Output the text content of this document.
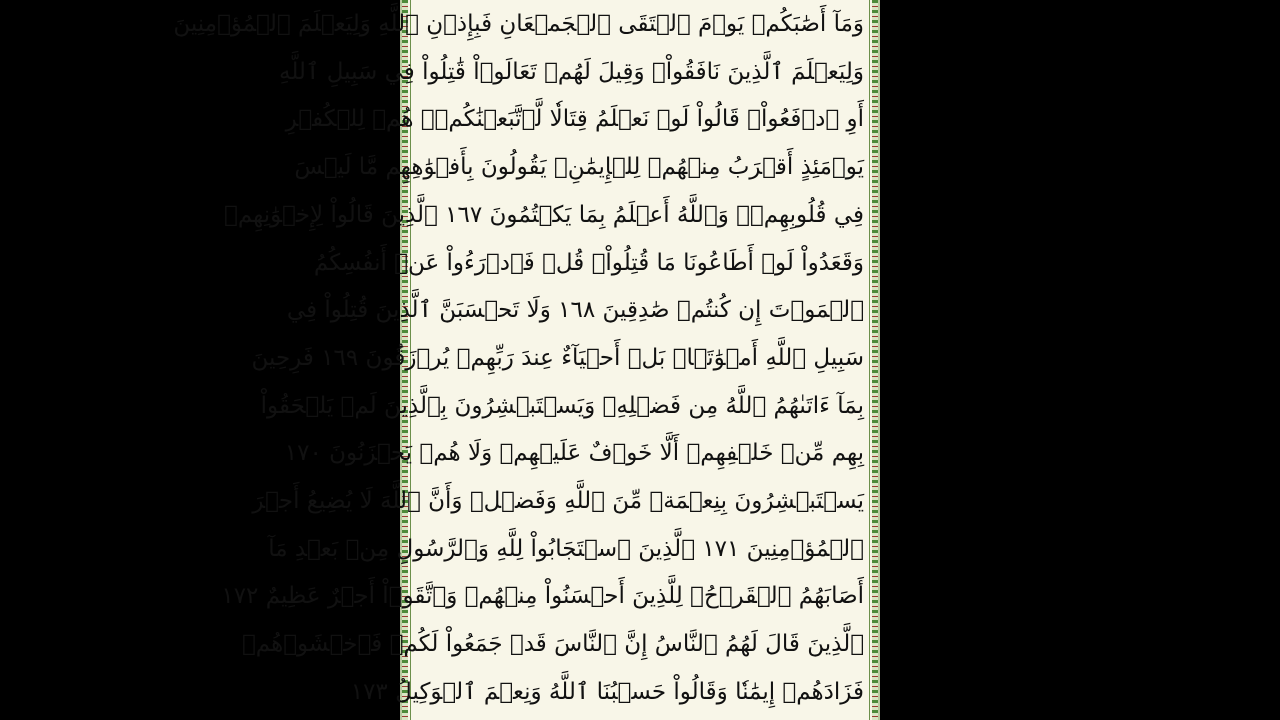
وَمَآ أَصَٰبَكُمۡ يَوۡمَ ٱلۡتَقَى ٱلۡجَمۡعَانِ فَبِإِذۡنِ ٱللَّهِ وَلِيَعۡلَمَ ٱلۡمُؤۡمِنِينَ
وَلِيَعۡلَمَ ٱلَّذِينَ نَافَقُواْۚ وَقِيلَ لَهُمۡ تَعَالَوۡاْ قَٰتِلُواْ فِي سَبِيلِ ٱللَّهِ
أَوِ ٱدۡفَعُواْۖ قَالُواْ لَوۡ نَعۡلَمُ قِتَالٗا لَّٱتَّبَعۡنَٰكُمۡۗ هُمۡ لِلۡكُفۡرِ
يَوۡمَئِذٍ أَقۡرَبُ مِنۡهُمۡ لِلۡإِيمَٰنِۚ يَقُولُونَ بِأَفۡوَٰهِهِم مَّا لَيۡسَ
فِي قُلُوبِهِمۡۚ وَٱللَّهُ أَعۡلَمُ بِمَا يَكۡتُمُونَ ١٦٧ ٱلَّذِينَ قَالُواْ لِإِخۡوَٰنِهِمۡ
وَقَعَدُواْ لَوۡ أَطَاعُونَا مَا قُتِلُواْۗ قُلۡ فَٱدۡرَءُواْ عَنۡ أَنفُسِكُمُ
ٱلۡمَوۡتَ إِن كُنتُمۡ صَٰدِقِينَ ١٦٨ وَلَا تَحۡسَبَنَّ ٱلَّذِينَ قُتِلُواْ فِي
سَبِيلِ ٱللَّهِ أَمۡوَٰتَۢاۚ بَلۡ أَحۡيَآءٌ عِندَ رَبِّهِمۡ يُرۡزَقُونَ ١٦٩ فَرِحِينَ
بِمَآ ءَاتَىٰهُمُ ٱللَّهُ مِن فَضۡلِهِۦ وَيَسۡتَبۡشِرُونَ بِٱلَّذِينَ لَمۡ يَلۡحَقُواْ
بِهِم مِّنۡ خَلۡفِهِمۡ أَلَّا خَوۡفٌ عَلَيۡهِمۡ وَلَا هُمۡ يَحۡزَنُونَ ١٧٠
يَسۡتَبۡشِرُونَ بِنِعۡمَةٖ مِّنَ ٱللَّهِ وَفَضۡلٖ وَأَنَّ ٱللَّهَ لَا يُضِيعُ أَجۡرَ
ٱلۡمُؤۡمِنِينَ ١٧١ ٱلَّذِينَ ٱسۡتَجَابُواْ لِلَّهِ وَٱلرَّسُولِ مِنۢ بَعۡدِ مَآ
أَصَابَهُمُ ٱلۡقَرۡحُۚ لِلَّذِينَ أَحۡسَنُواْ مِنۡهُمۡ وَٱتَّقَوۡاْ أَجۡرٌ عَظِيمٌ ١٧٢
ٱلَّذِينَ قَالَ لَهُمُ ٱلنَّاسُ إِنَّ ٱلنَّاسَ قَدۡ جَمَعُواْ لَكُمۡ فَٱخۡشَوۡهُمۡ
فَزَادَهُمۡ إِيمَٰنٗا وَقَالُواْ حَسۡبُنَا ٱللَّهُ وَنِعۡمَ ٱلۡوَكِيلُ ١٧٣
